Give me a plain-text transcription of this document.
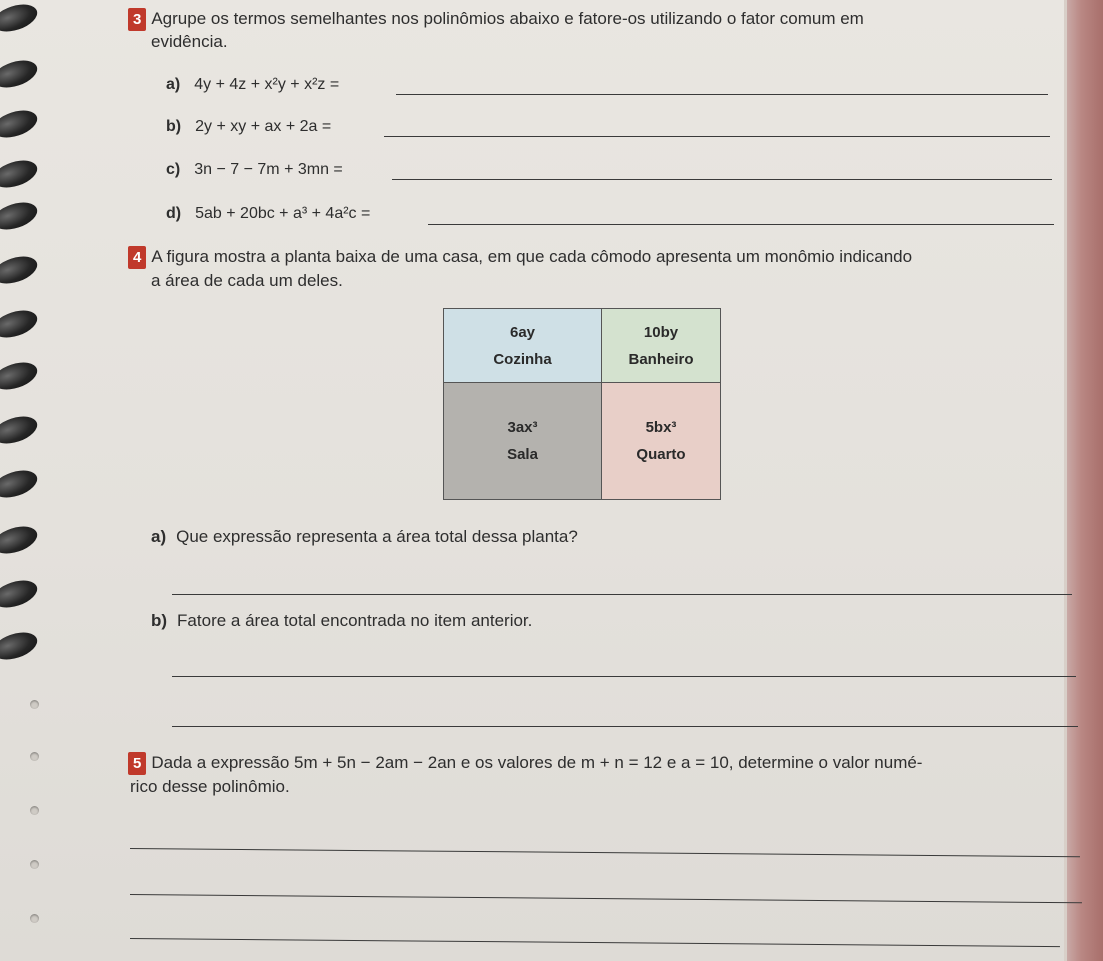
3 Agrupe os termos semelhantes nos polinômios abaixo e fatore-os utilizando o fator comum em
evidência.
a) 4y + 4z + x²y + x²z =
b) 2y + xy + ax + 2a =
c) 3n − 7 − 7m + 3mn =
d) 5ab + 20bc + a³ + 4a²c =
4 A figura mostra a planta baixa de uma casa, em que cada cômodo apresenta um monômio indicando
a área de cada um deles.
6ay
Cozinha
10by
Banheiro
3ax³
Sala
5bx³
Quarto
a) Que expressão representa a área total dessa planta?
b) Fatore a área total encontrada no item anterior.
5 Dada a expressão 5m + 5n − 2am − 2an e os valores de m + n = 12 e a = 10, determine o valor numé-
rico desse polinômio.
